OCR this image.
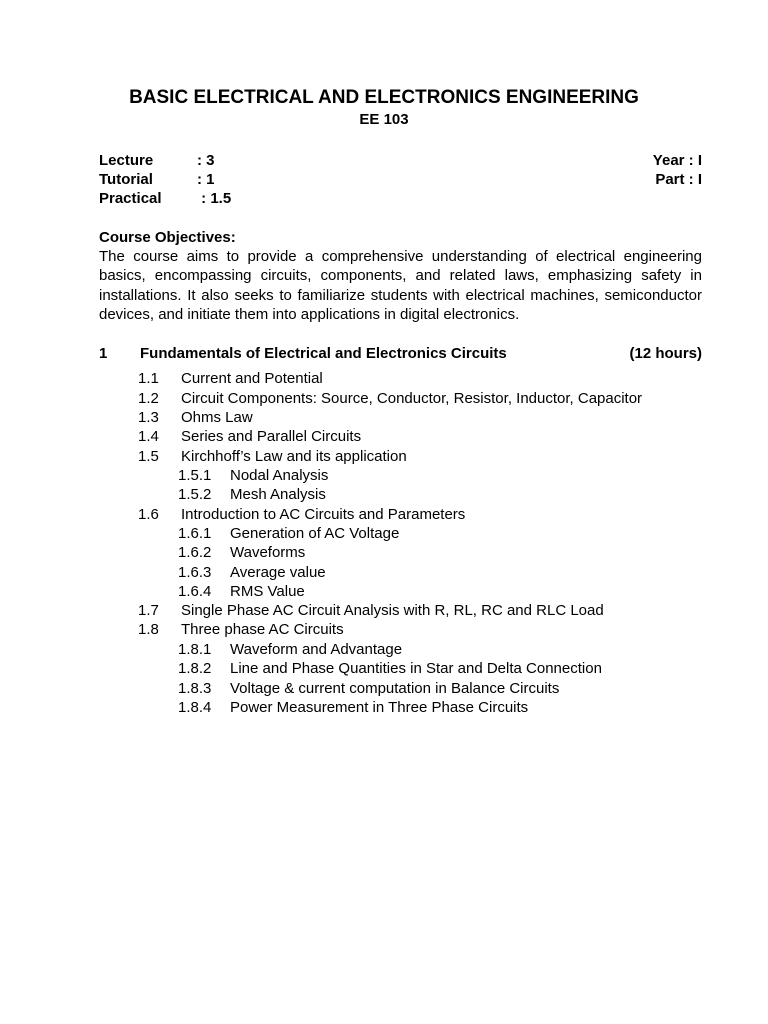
BASIC ELECTRICAL AND ELECTRONICS ENGINEERING
EE 103
Lecture	: 3
Tutorial	: 1
Practical : 1.5
Year : I
Part : I
Course Objectives:

The course aims to provide a comprehensive understanding of electrical engineering basics, encompassing circuits, components, and related laws, emphasizing safety in installations. It also seeks to familiarize students with electrical machines, semiconductor devices, and initiate them into applications in digital electronics.

1 Fundamentals of Electrical and Electronics Circuits	(12 hours)
1.1 Current and Potential
1.2 Circuit Components: Source, Conductor, Resistor, Inductor, Capacitor
1.3 Ohms Law
1.4 Series and Parallel Circuits
1.5 Kirchhoff’s Law and its application
1.5.1 Nodal Analysis
1.5.2 Mesh Analysis
1.6 Introduction to AC Circuits and Parameters
1.6.1 Generation of AC Voltage
1.6.2 Waveforms
1.6.3 Average value
1.6.4 RMS Value
1.7 Single Phase AC Circuit Analysis with R, RL, RC and RLC Load
1.8 Three phase AC Circuits
1.8.1 Waveform and Advantage
1.8.2 Line and Phase Quantities in Star and Delta Connection
1.8.3 Voltage & current computation in Balance Circuits
1.8.4 Power Measurement in Three Phase Circuits
